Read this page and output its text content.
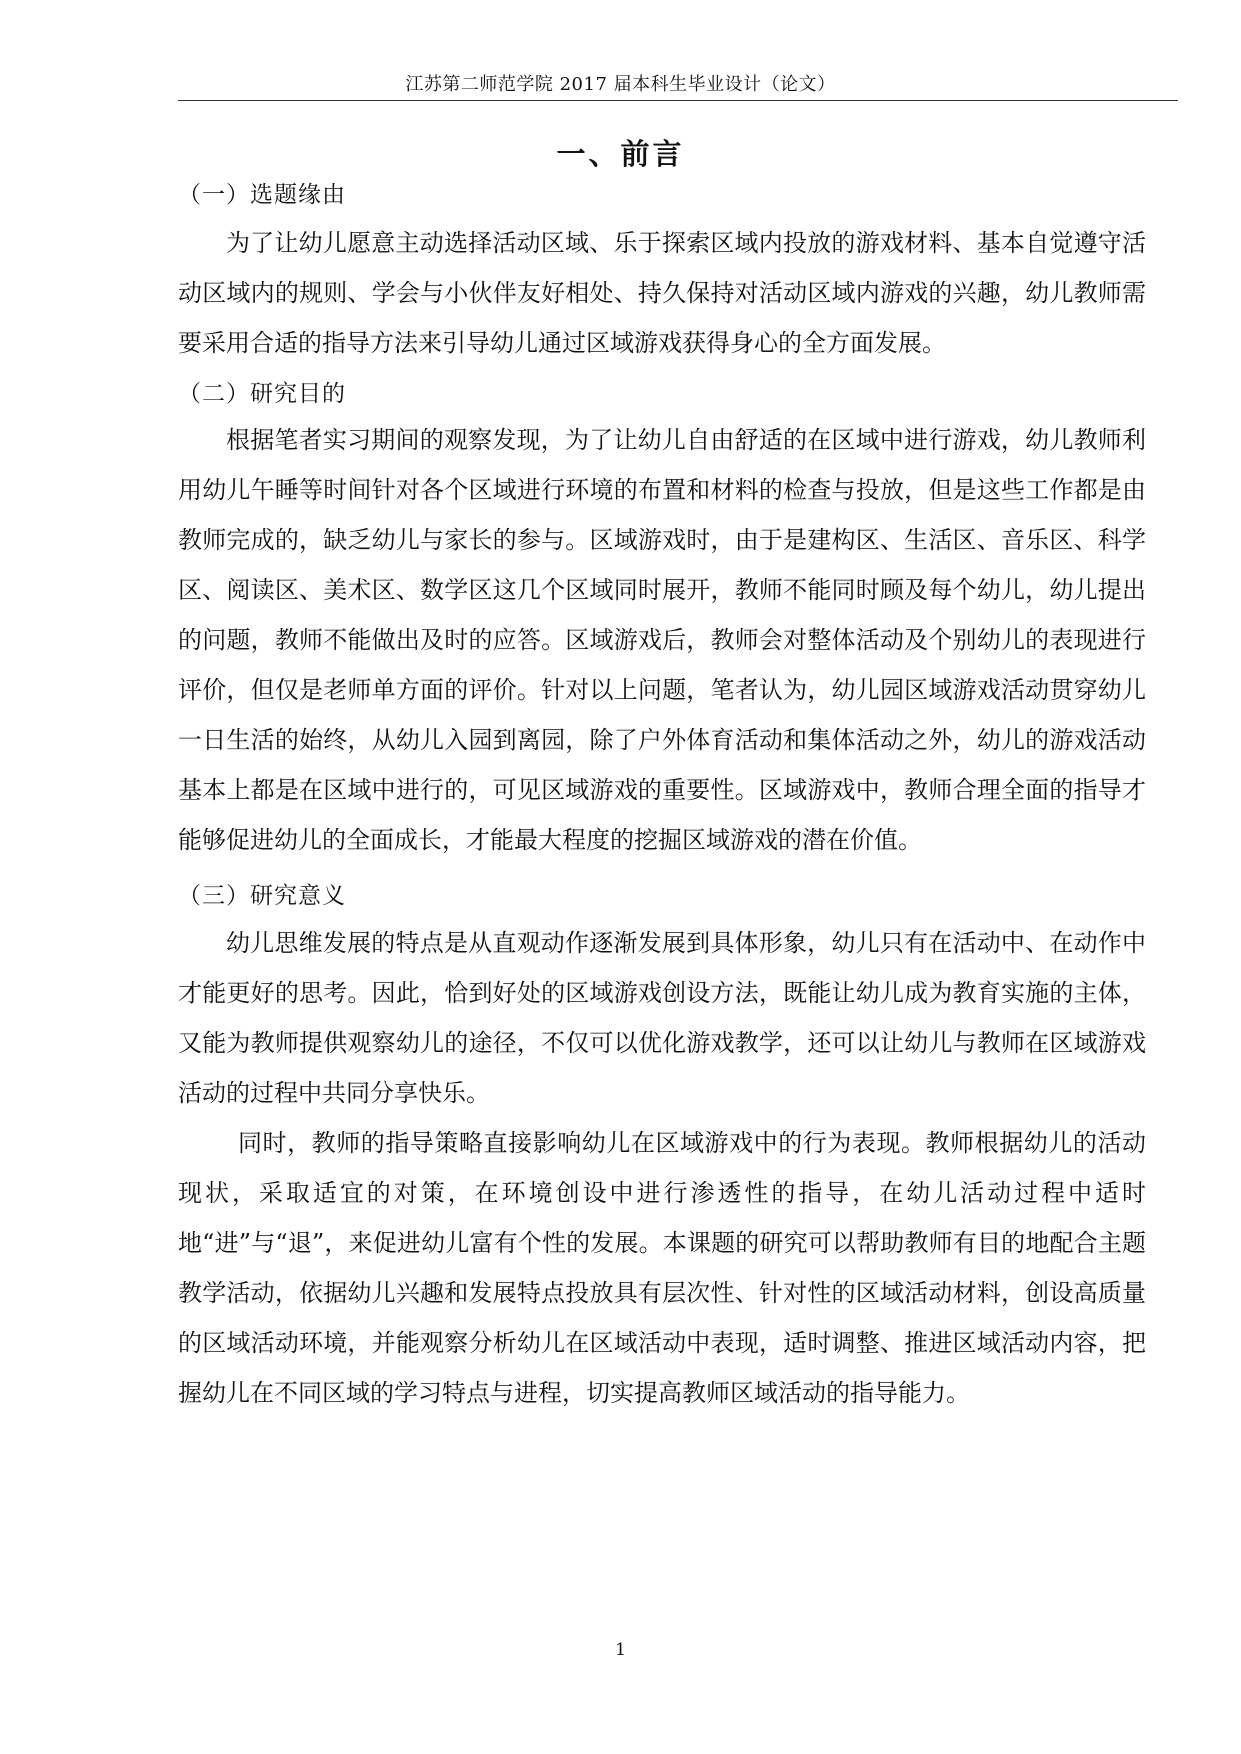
江苏第二师范学院 2017 届本科生毕业设计（论文）
一、前言
（一）选题缘由

为了让幼儿愿意主动选择活动区域、乐于探索区域内投放的游戏材料、基本自觉遵守活动区域内的规则、学会与小伙伴友好相处、持久保持对活动区域内游戏的兴趣，幼儿教师需要采用合适的指导方法来引导幼儿通过区域游戏获得身心的全方面发展。

（二）研究目的

根据笔者实习期间的观察发现，为了让幼儿自由舒适的在区域中进行游戏，幼儿教师利用幼儿午睡等时间针对各个区域进行环境的布置和材料的检查与投放，但是这些工作都是由教师完成的，缺乏幼儿与家长的参与。区域游戏时，由于是建构区、生活区、音乐区、科学区、阅读区、美术区、数学区这几个区域同时展开，教师不能同时顾及每个幼儿，幼儿提出的问题，教师不能做出及时的应答。区域游戏后，教师会对整体活动及个别幼儿的表现进行评价，但仅是老师单方面的评价。针对以上问题，笔者认为，幼儿园区域游戏活动贯穿幼儿一日生活的始终，从幼儿入园到离园，除了户外体育活动和集体活动之外，幼儿的游戏活动基本上都是在区域中进行的，可见区域游戏的重要性。区域游戏中，教师合理全面的指导才能够促进幼儿的全面成长，才能最大程度的挖掘区域游戏的潜在价值。

（三）研究意义

幼儿思维发展的特点是从直观动作逐渐发展到具体形象，幼儿只有在活动中、在动作中才能更好的思考。因此，恰到好处的区域游戏创设方法，既能让幼儿成为教育实施的主体，又能为教师提供观察幼儿的途径，不仅可以优化游戏教学，还可以让幼儿与教师在区域游戏活动的过程中共同分享快乐。

同时，教师的指导策略直接影响幼儿在区域游戏中的行为表现。教师根据幼儿的活动现状，采取适宜的对策，在环境创设中进行渗透性的指导，在幼儿活动过程中适时地“进”与“退”，来促进幼儿富有个性的发展。本课题的研究可以帮助教师有目的地配合主题教学活动，依据幼儿兴趣和发展特点投放具有层次性、针对性的区域活动材料，创设高质量的区域活动环境，并能观察分析幼儿在区域活动中表现，适时调整、推进区域活动内容，把握幼儿在不同区域的学习特点与进程，切实提高教师区域活动的指导能力。

1
